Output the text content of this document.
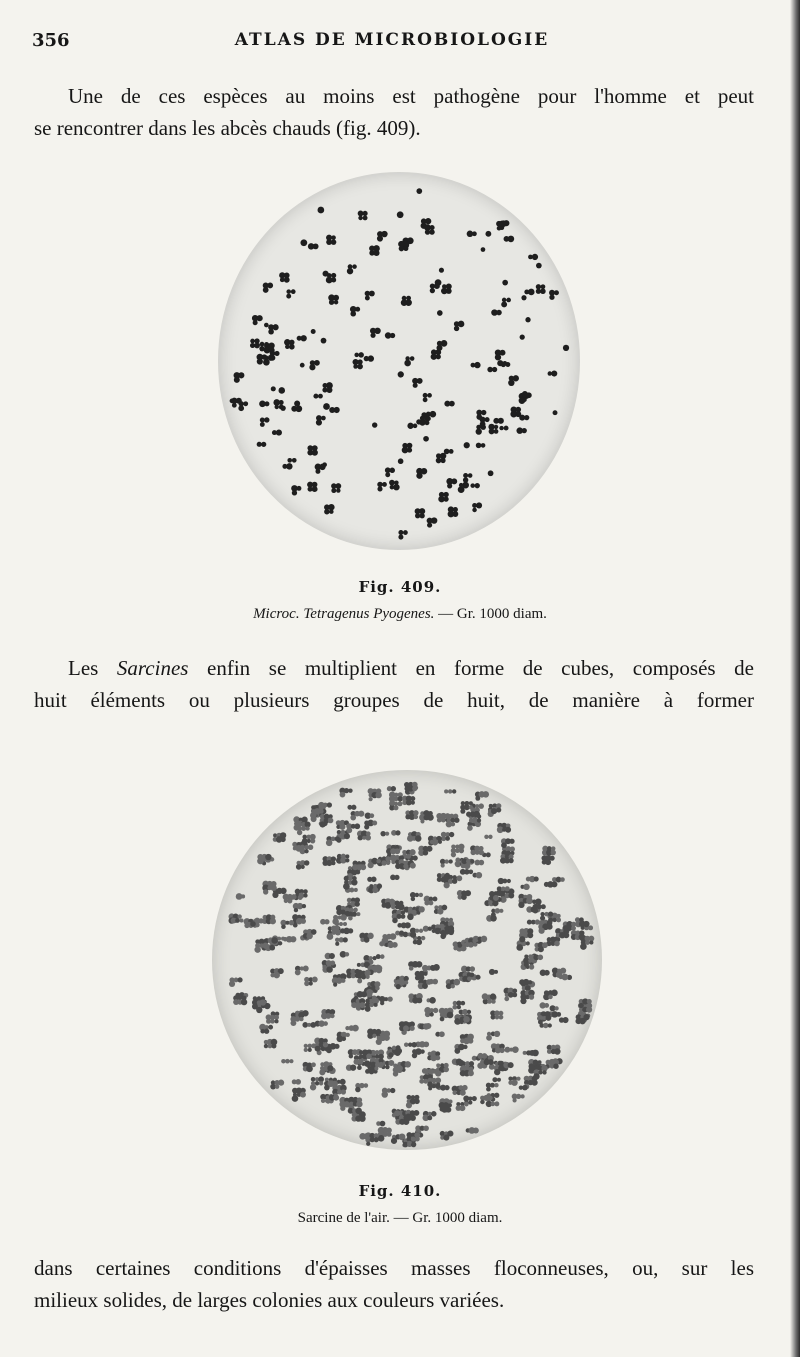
356	ATLAS DE MICROBIOLOGIE
Une de ces espèces au moins est pathogène pour l'homme et peut
se rencontrer dans les abcès chauds (fig. 409).
Fig. 409.
Microc. Tetragenus Pyogenes. — Gr. 1000 diam.
Les Sarcines enfin se multiplient en forme de cubes, composés de
huit éléments ou plusieurs groupes de huit, de manière à former
Fig. 410.
Sarcine de l'air. — Gr. 1000 diam.
dans certaines conditions d'épaisses masses floconneuses, ou, sur les
milieux solides, de larges colonies aux couleurs variées.
